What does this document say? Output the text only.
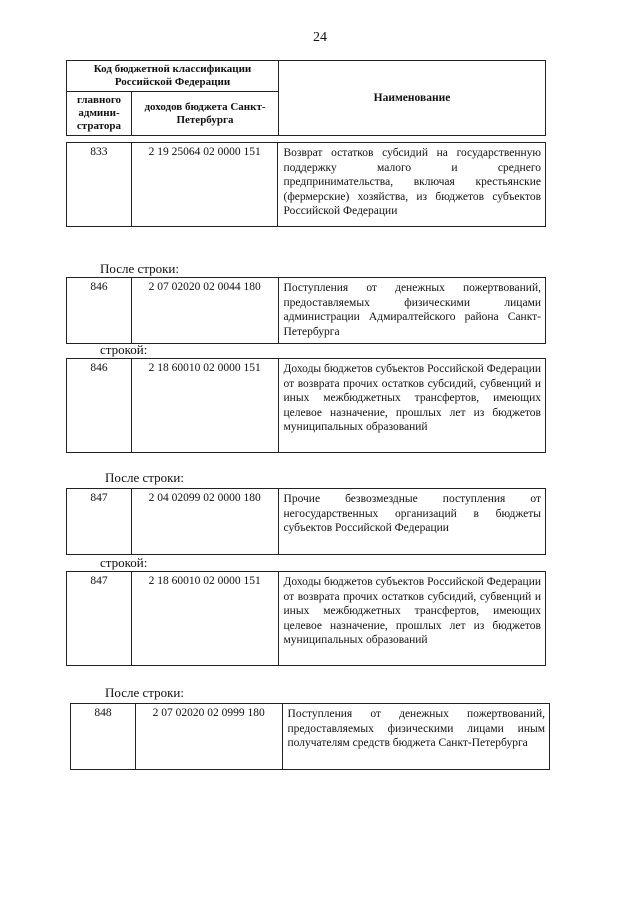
24
Код бюджетной классификации Российской Федерации		Наименование
главного админи-стратора	доходов бюджета Санкт-Петербурга	
833	2 19 25064 02 0000 151	Возврат остатков субсидий на государственную поддержку малого и среднего предпринимательства, включая крестьянские (фермерские) хозяйства, из бюджетов субъектов Российской Федерации
После строки:
846	2 07 02020 02 0044 180	Поступления от денежных пожертвований, предоставляемых физическими лицами администрации Адмиралтейского района Санкт-Петербурга
строкой:
846	2 18 60010 02 0000 151	Доходы бюджетов субъектов Российской Федерации от возврата прочих остатков субсидий, субвенций и иных межбюджетных трансфертов, имеющих целевое назначение, прошлых лет из бюджетов муниципальных образований
После строки:
847	2 04 02099 02 0000 180	Прочие безвозмездные поступления от негосударственных организаций в бюджеты субъектов Российской Федерации
строкой:
847	2 18 60010 02 0000 151	Доходы бюджетов субъектов Российской Федерации от возврата прочих остатков субсидий, субвенций и иных межбюджетных трансфертов, имеющих целевое назначение, прошлых лет из бюджетов муниципальных образований
После строки:
848	2 07 02020 02 0999 180	Поступления от денежных пожертвований, предоставляемых физическими лицами иным получателям средств бюджета Санкт-Петербурга
